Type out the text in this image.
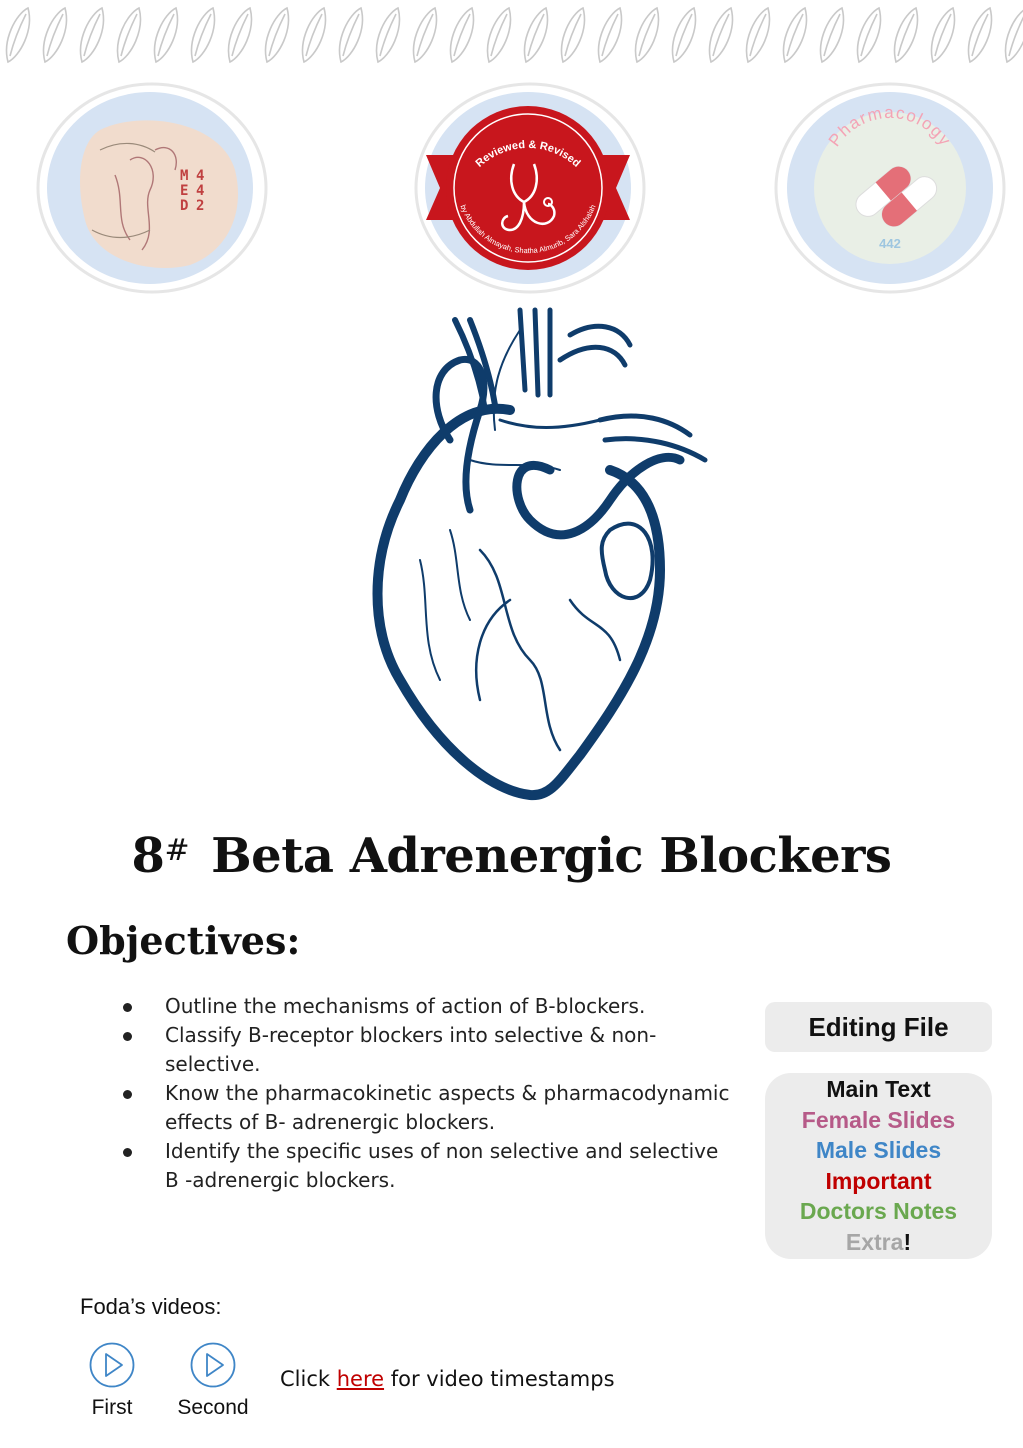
M 4
E 4
D 2
Reviewed & Revised
by Abdullah Almayah, Shatha Almurib, Sara Alshalah
Pharmacology
442
8# Beta Adrenergic Blockers
Objectives:
Outline the mechanisms of action of B-blockers.
Classify B-receptor blockers into selective & non-selective.
Know the pharmacokinetic aspects & pharmacodynamic effects of B- adrenergic blockers.
Identify the specific uses of non selective and selective B -adrenergic blockers.
Editing File
Main Text
Female Slides
Male Slides
Important
Doctors Notes
Extra!
Foda’s videos:
First	Second
Click here for video timestamps
